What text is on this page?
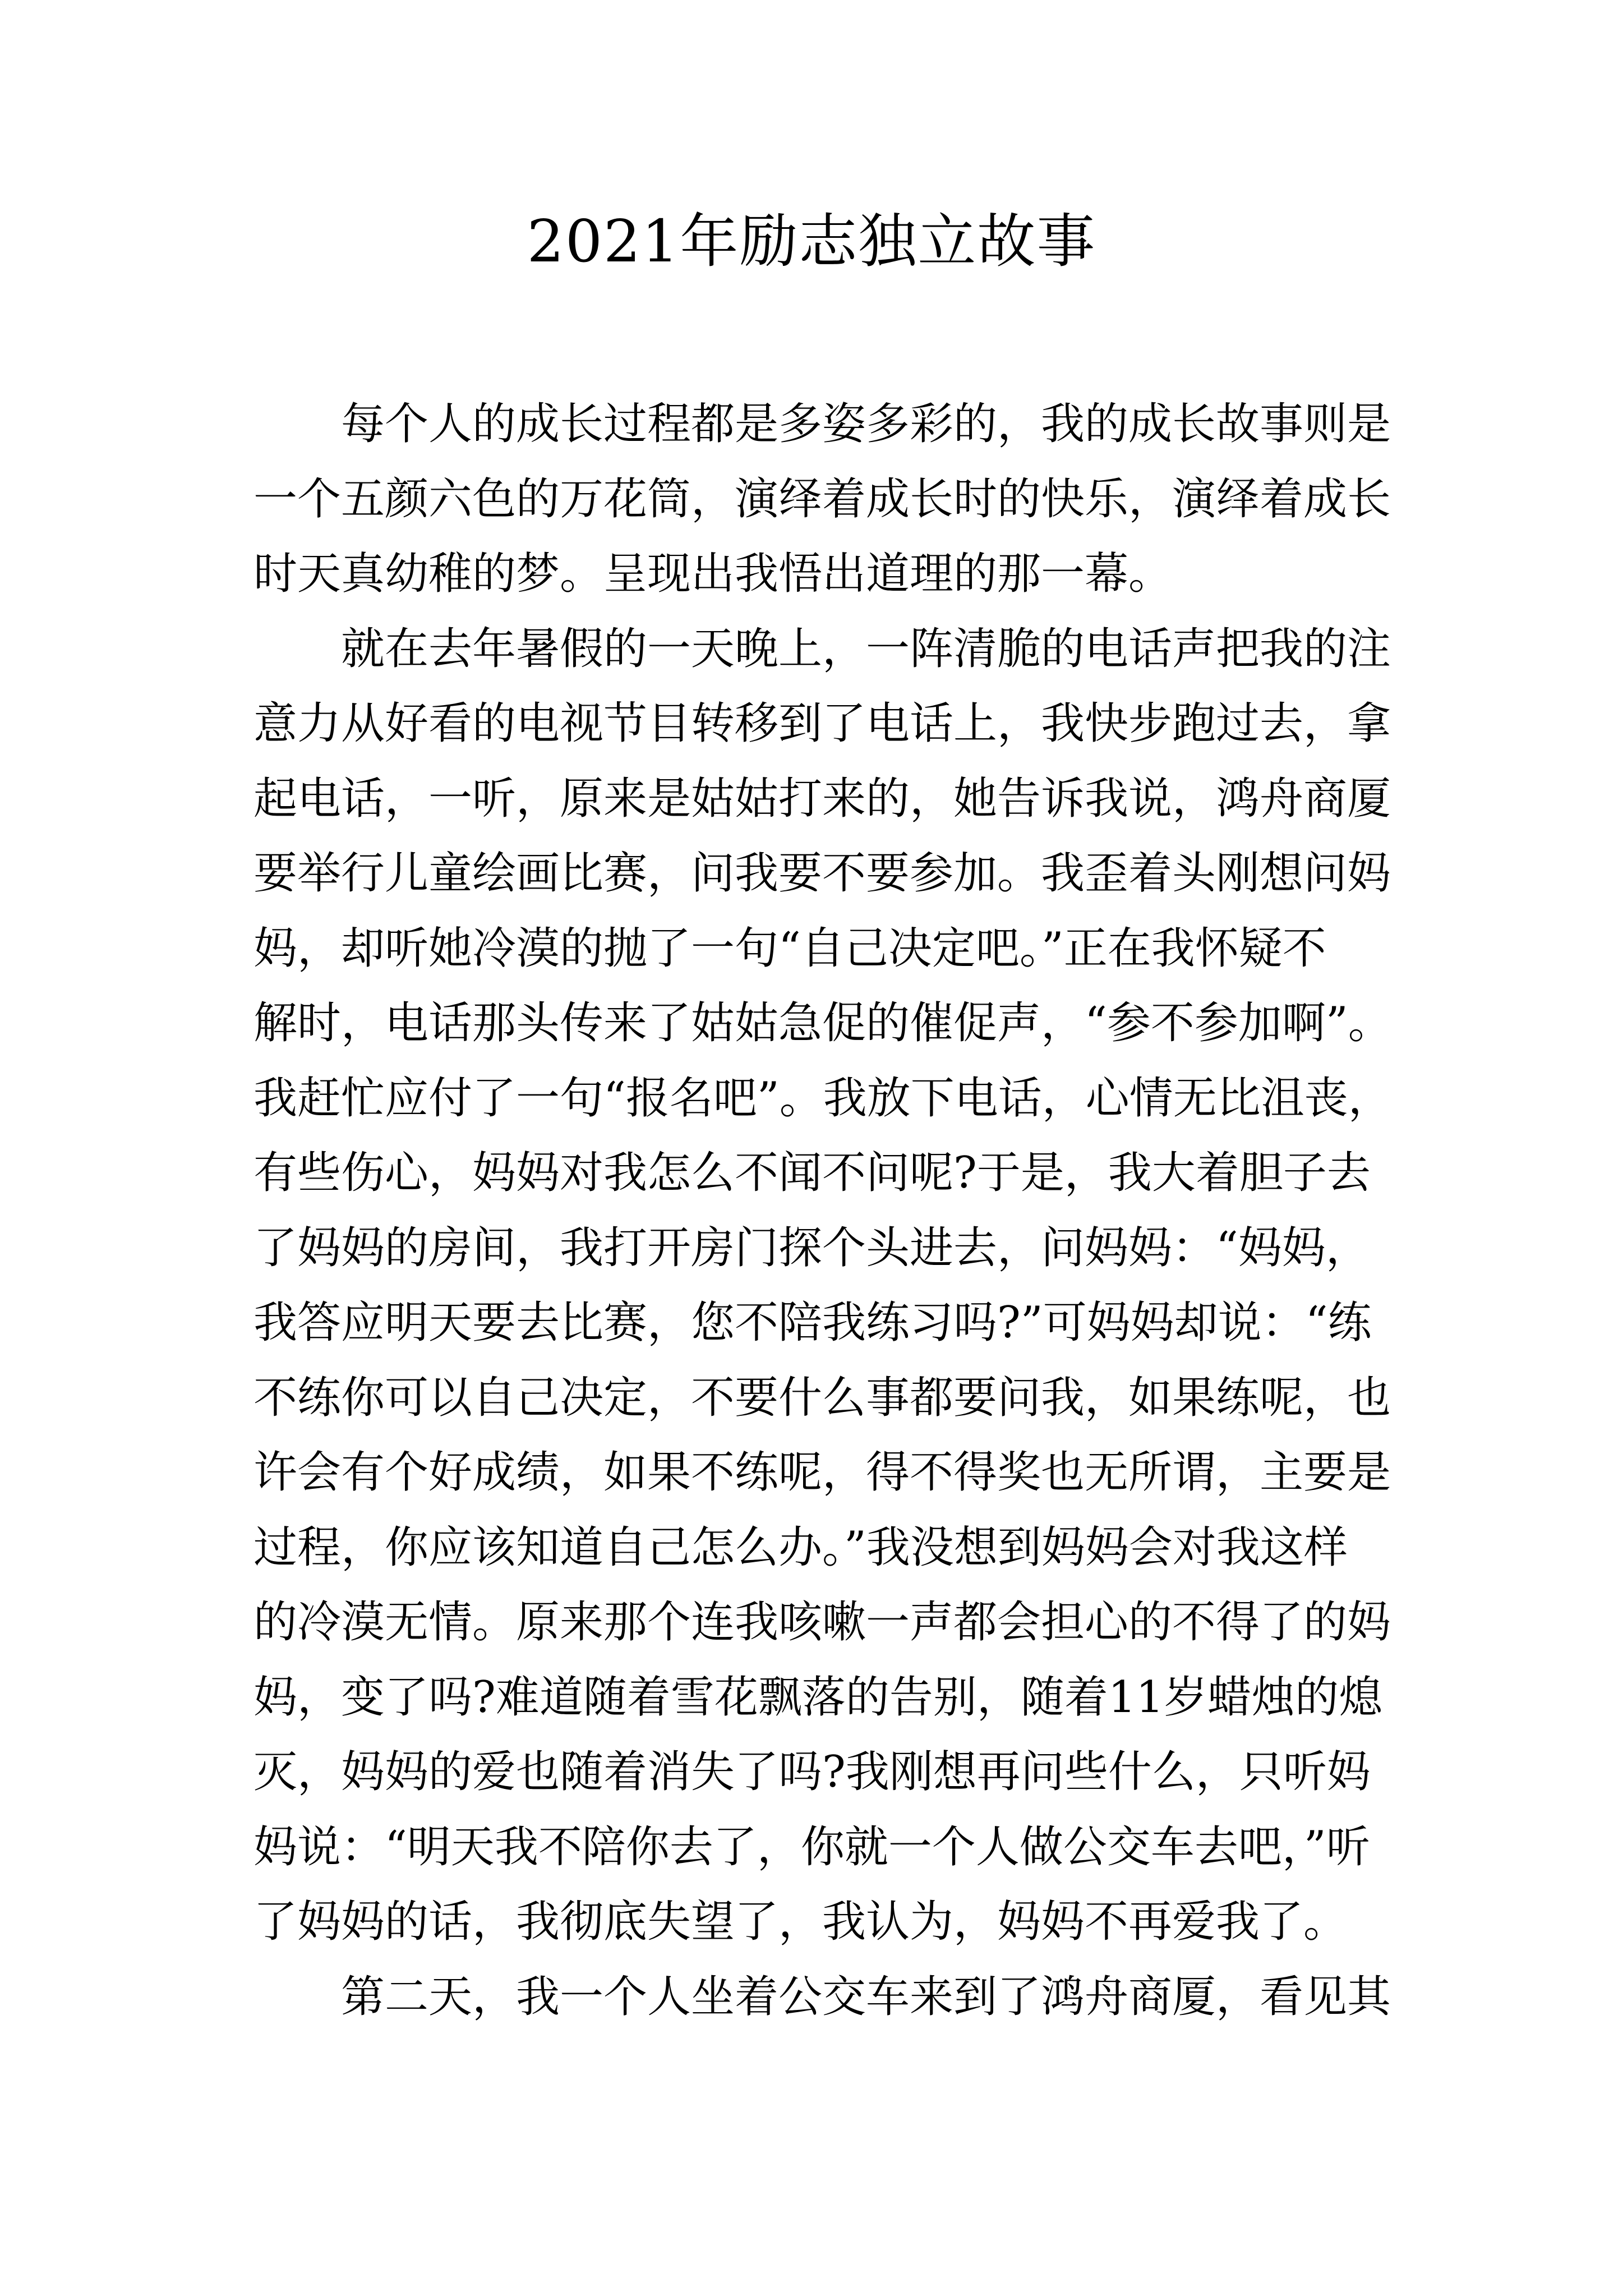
2021年励志独立故事
每个人的成长过程都是多姿多彩的，我的成长故事则是
一个五颜六色的万花筒，演绎着成长时的快乐，演绎着成长
时天真幼稚的梦。呈现出我悟出道理的那一幕。
就在去年暑假的一天晚上，一阵清脆的电话声把我的注
意力从好看的电视节目转移到了电话上，我快步跑过去，拿
起电话，一听，原来是姑姑打来的，她告诉我说，鸿舟商厦
要举行儿童绘画比赛，问我要不要参加。我歪着头刚想问妈
妈，却听她冷漠的抛了一句“自己决定吧。”正在我怀疑不
解时，电话那头传来了姑姑急促的催促声，“参不参加啊”。
我赶忙应付了一句“报名吧”。我放下电话，心情无比沮丧，
有些伤心，妈妈对我怎么不闻不问呢?于是，我大着胆子去
了妈妈的房间，我打开房门探个头进去，问妈妈：“妈妈，
我答应明天要去比赛，您不陪我练习吗?”可妈妈却说：“练
不练你可以自己决定，不要什么事都要问我，如果练呢，也
许会有个好成绩，如果不练呢，得不得奖也无所谓，主要是
过程，你应该知道自己怎么办。”我没想到妈妈会对我这样
的冷漠无情。原来那个连我咳嗽一声都会担心的不得了的妈
妈，变了吗?难道随着雪花飘落的告别，随着11岁蜡烛的熄
灭，妈妈的爱也随着消失了吗?我刚想再问些什么，只听妈
妈说：“明天我不陪你去了，你就一个人做公交车去吧，”听
了妈妈的话，我彻底失望了，我认为，妈妈不再爱我了。
第二天，我一个人坐着公交车来到了鸿舟商厦，看见其
